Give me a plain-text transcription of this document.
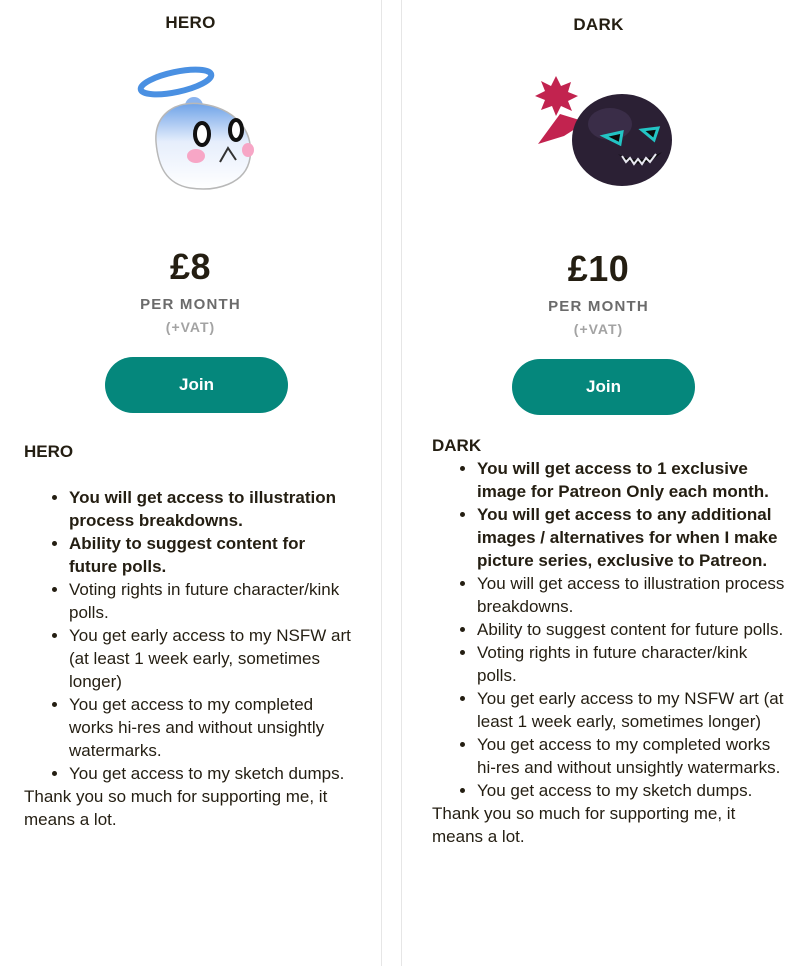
HERO
£8
PER MONTH
(+VAT)
Join

HERO

• You will get access to illustration process breakdowns.
• Ability to suggest content for future polls.
• Voting rights in future character/kink polls.
• You get early access to my NSFW art (at least 1 week early, sometimes longer)
• You get access to my completed works hi-res and without unsightly watermarks.
• You get access to my sketch dumps.

Thank you so much for supporting me, it means a lot.

DARK
£10
PER MONTH
(+VAT)
Join

DARK

• You will get access to 1 exclusive image for Patreon Only each month.
• You will get access to any additional images / alternatives for when I make picture series, exclusive to Patreon.
• You will get access to illustration process breakdowns.
• Ability to suggest content for future polls.
• Voting rights in future character/kink polls.
• You get early access to my NSFW art (at least 1 week early, sometimes longer)
• You get access to my completed works hi-res and without unsightly watermarks.
• You get access to my sketch dumps.

Thank you so much for supporting me, it means a lot.
